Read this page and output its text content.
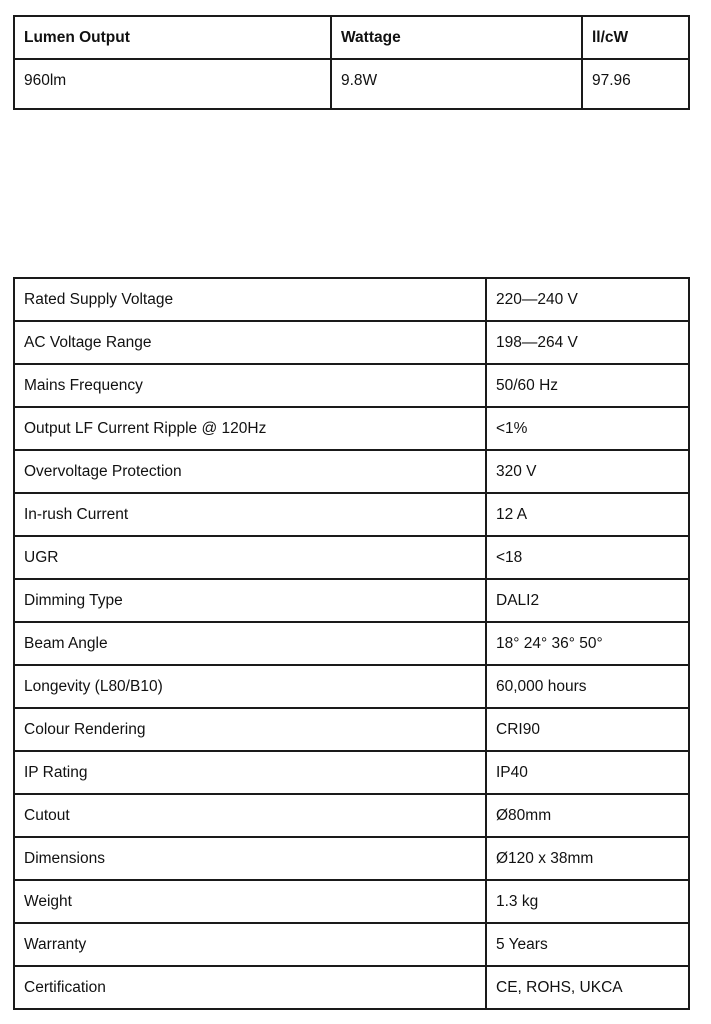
Lumen Output	Wattage	ll/cW
960lm	9.8W	97.96
Rated Supply Voltage	220—240 V
AC Voltage Range	198—264 V
Mains Frequency	50/60 Hz
Output LF Current Ripple @ 120Hz	<1%
Overvoltage Protection	320 V
In-rush Current	12 A
UGR	<18
Dimming Type	DALI2
Beam Angle	18° 24° 36° 50°
Longevity (L80/B10)	60,000 hours
Colour Rendering	CRI90
IP Rating	IP40
Cutout	Ø80mm
Dimensions	Ø120 x 38mm
Weight	1.3 kg
Warranty	5 Years
Certification	CE, ROHS, UKCA
